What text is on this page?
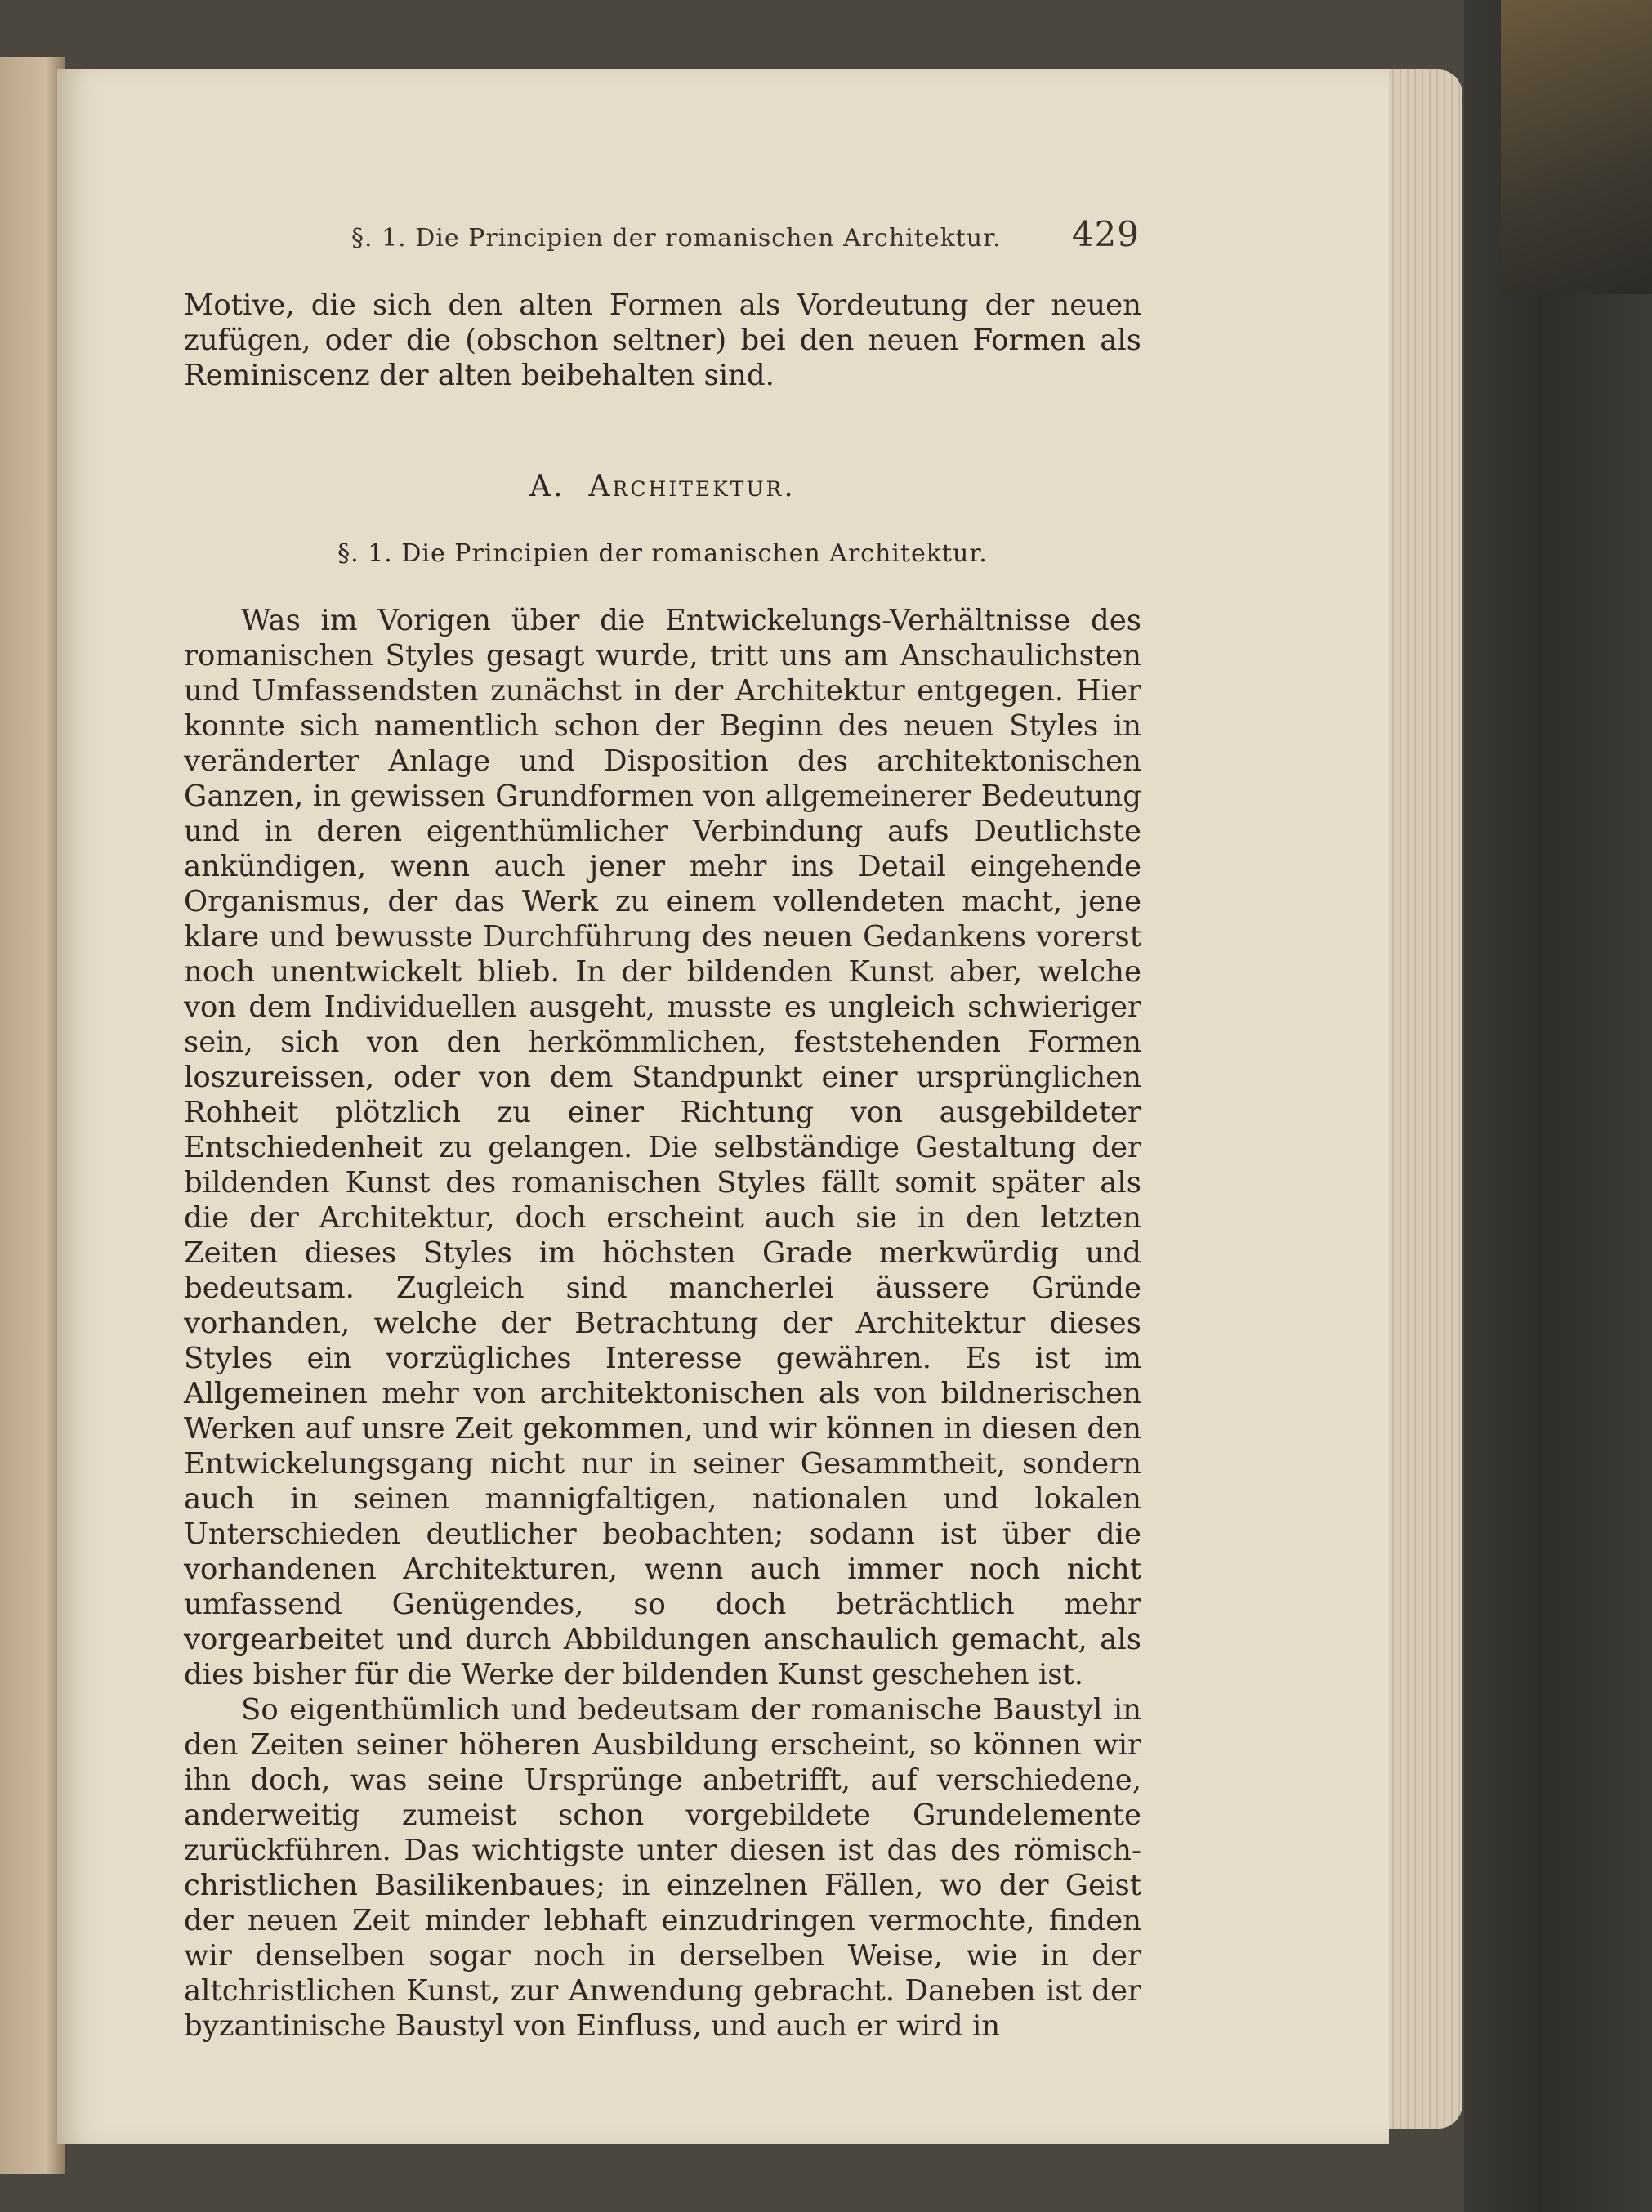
§. 1. Die Principien der romanischen Architektur. 429

Motive, die sich den alten Formen als Vordeutung der neuen zufügen, oder die (obschon seltner) bei den neuen Formen als Reminiscenz der alten beibehalten sind.

A. Architektur.
§. 1. Die Principien der romanischen Architektur.

Was im Vorigen über die Entwickelungs-Verhältnisse des romanischen Styles gesagt wurde, tritt uns am Anschaulichsten und Umfassendsten zunächst in der Architektur entgegen. Hier konnte sich namentlich schon der Beginn des neuen Styles in veränderter Anlage und Disposition des architektonischen Ganzen, in gewissen Grundformen von allgemeinerer Bedeutung und in deren eigenthümlicher Verbindung aufs Deutlichste ankündigen, wenn auch jener mehr ins Detail eingehende Organismus, der das Werk zu einem vollendeten macht, jene klare und bewusste Durchführung des neuen Gedankens vorerst noch unentwickelt blieb. In der bildenden Kunst aber, welche von dem Individuellen ausgeht, musste es ungleich schwieriger sein, sich von den herkömmlichen, feststehenden Formen loszureissen, oder von dem Standpunkt einer ursprünglichen Rohheit plötzlich zu einer Richtung von ausgebildeter Entschiedenheit zu gelangen. Die selbständige Gestaltung der bildenden Kunst des romanischen Styles fällt somit später als die der Architektur, doch erscheint auch sie in den letzten Zeiten dieses Styles im höchsten Grade merkwürdig und bedeutsam. Zugleich sind mancherlei äussere Gründe vorhanden, welche der Betrachtung der Architektur dieses Styles ein vorzügliches Interesse gewähren. Es ist im Allgemeinen mehr von architektonischen als von bildnerischen Werken auf unsre Zeit gekommen, und wir können in diesen den Entwickelungsgang nicht nur in seiner Gesammtheit, sondern auch in seinen mannigfaltigen, nationalen und lokalen Unterschieden deutlicher beobachten; sodann ist über die vorhandenen Architekturen, wenn auch immer noch nicht umfassend Genügendes, so doch beträchtlich mehr vorgearbeitet und durch Abbildungen anschaulich gemacht, als dies bisher für die Werke der bildenden Kunst geschehen ist.

So eigenthümlich und bedeutsam der romanische Baustyl in den Zeiten seiner höheren Ausbildung erscheint, so können wir ihn doch, was seine Ursprünge anbetrifft, auf verschiedene, anderweitig zumeist schon vorgebildete Grundelemente zurückführen. Das wichtigste unter diesen ist das des römisch-christlichen Basilikenbaues; in einzelnen Fällen, wo der Geist der neuen Zeit minder lebhaft einzudringen vermochte, finden wir denselben sogar noch in derselben Weise, wie in der altchristlichen Kunst, zur Anwendung gebracht. Daneben ist der byzantinische Baustyl von Einfluss, und auch er wird in
